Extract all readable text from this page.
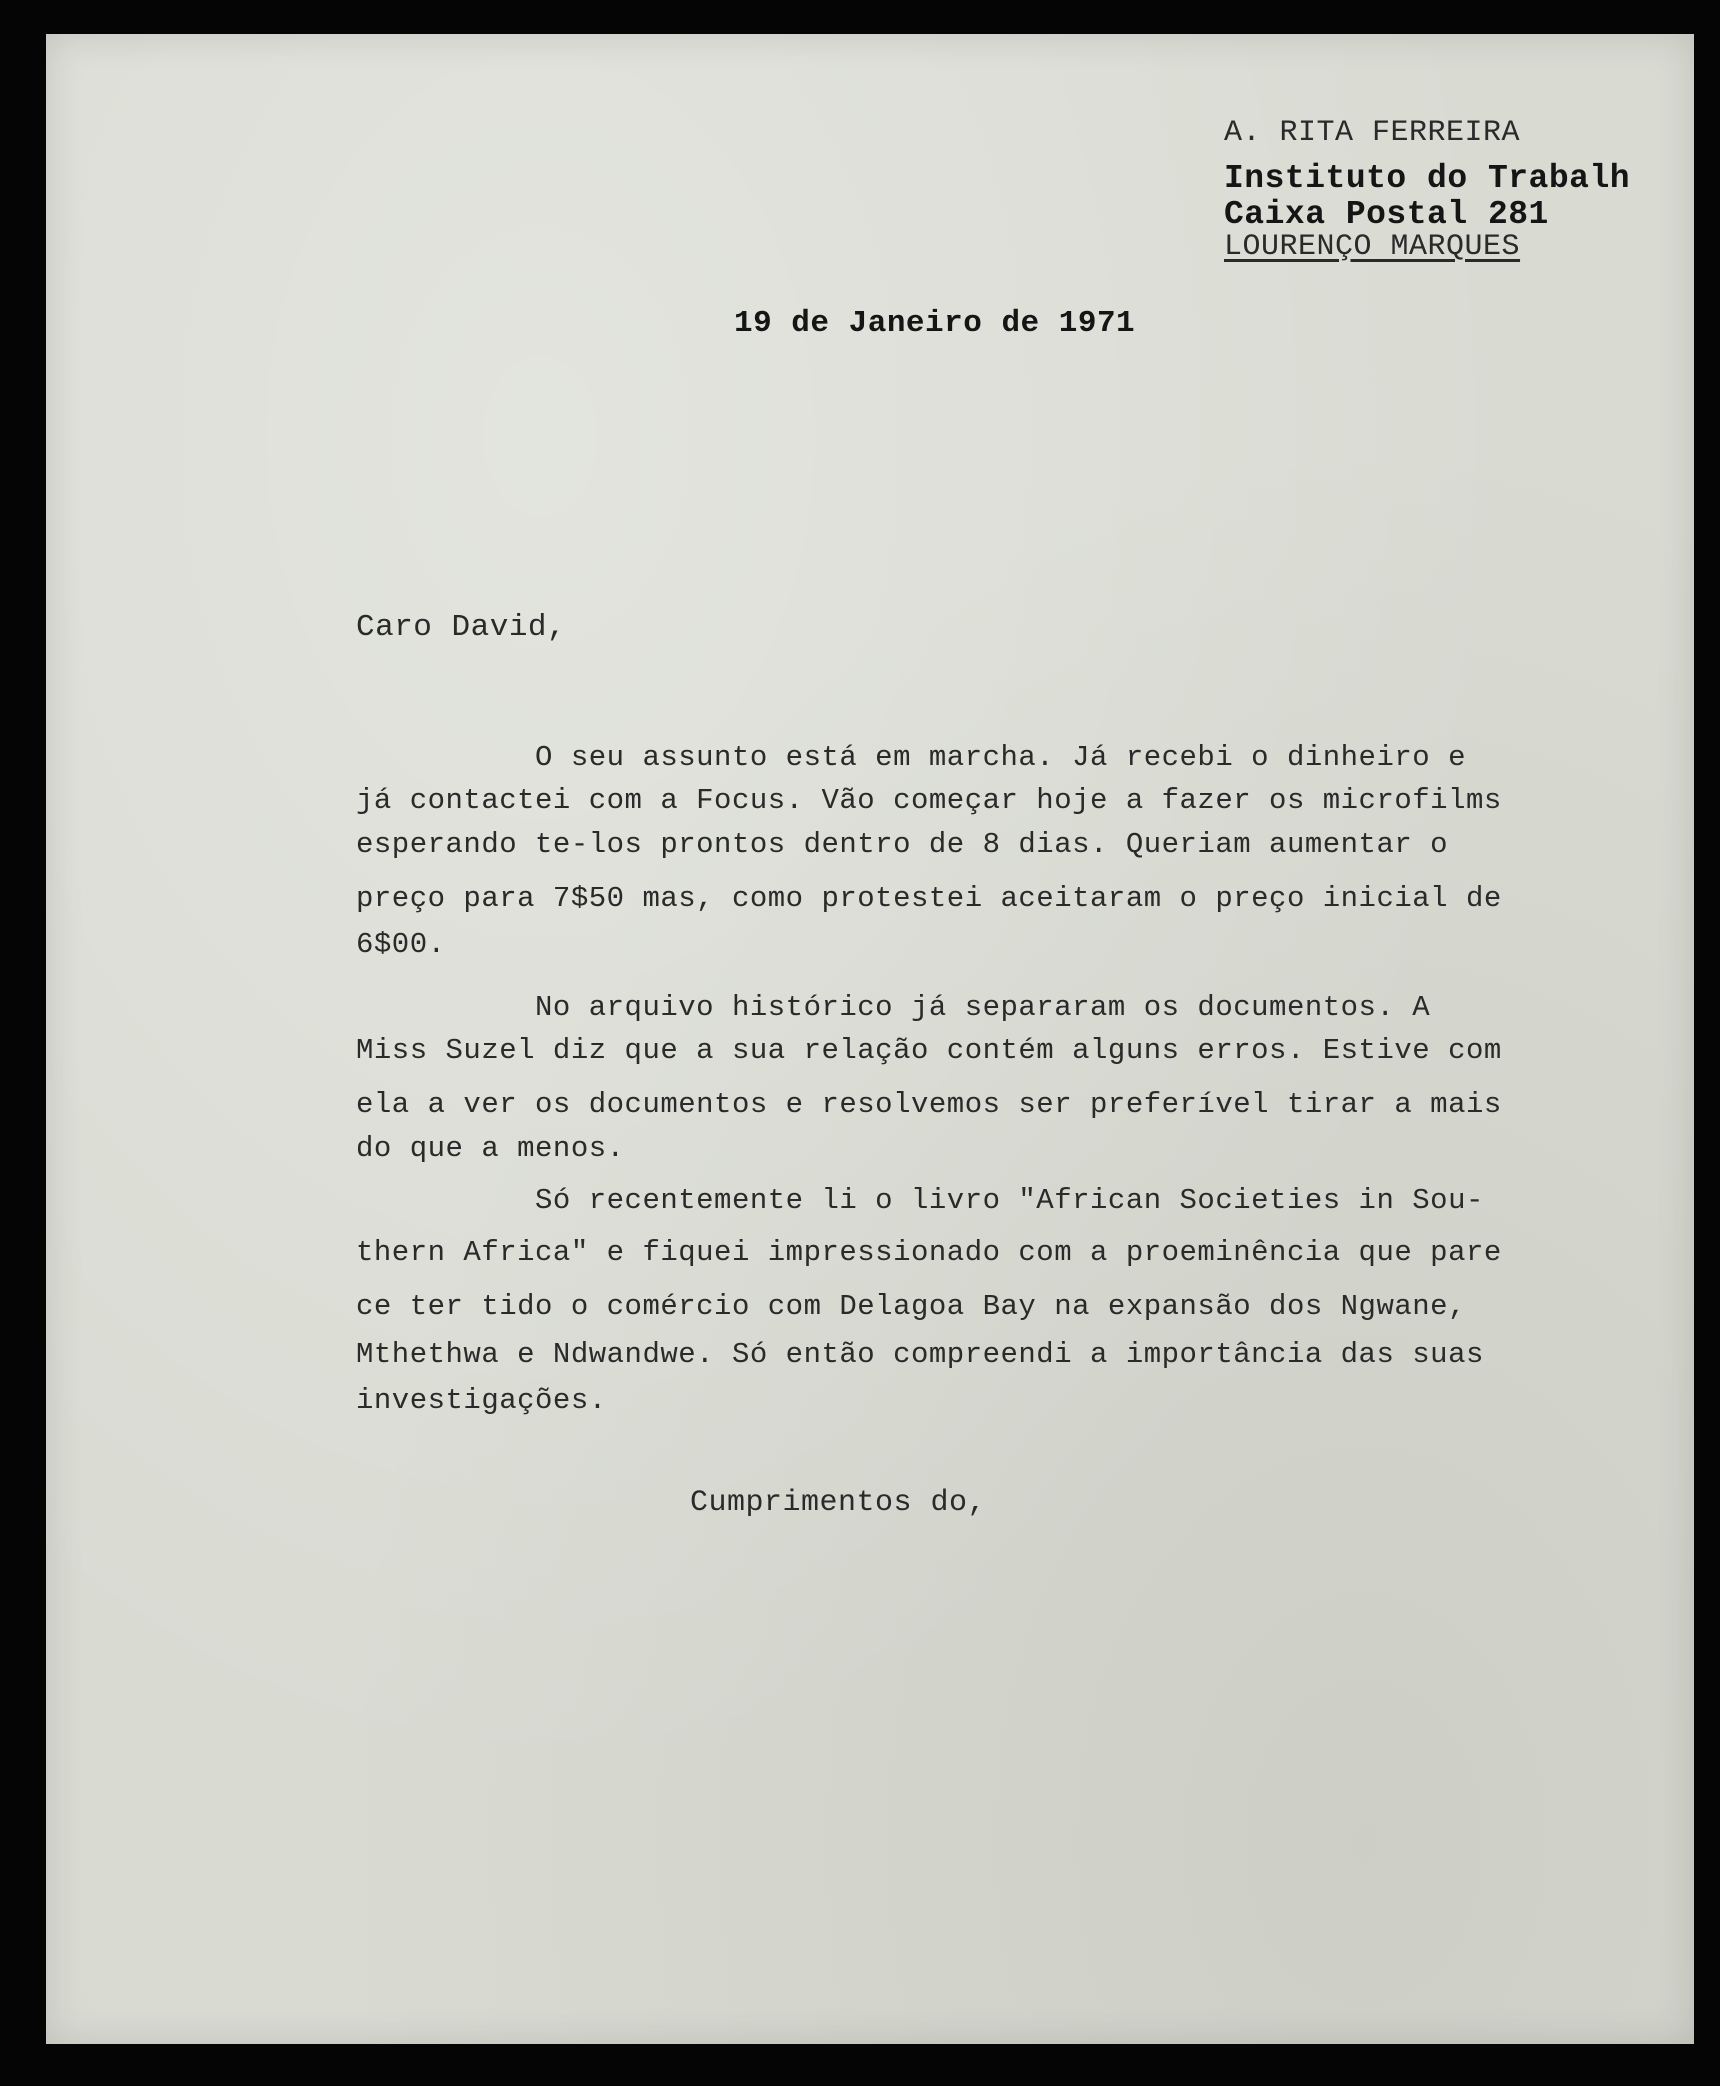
A. RITA FERREIRA
Instituto do Trabalh
Caixa Postal 281
LOURENÇO MARQUES
19 de Janeiro de 1971
Caro David,
O seu assunto está em marcha. Já recebi o dinheiro e
já contactei com a Focus. Vão começar hoje a fazer os microfilms
esperando te-los prontos dentro de 8 dias. Queriam aumentar o
preço para 7$50 mas, como protestei aceitaram o preço inicial de
6$00.
No arquivo histórico já separaram os documentos. A
Miss Suzel diz que a sua relação contém alguns erros. Estive com
ela a ver os documentos e resolvemos ser preferível tirar a mais
do que a menos.
Só recentemente li o livro "African Societies in Sou-
thern Africa" e fiquei impressionado com a proeminência que pare
ce ter tido o comércio com Delagoa Bay na expansão dos Ngwane,
Mthethwa e Ndwandwe. Só então compreendi a importância das suas
investigações.
Cumprimentos do,
